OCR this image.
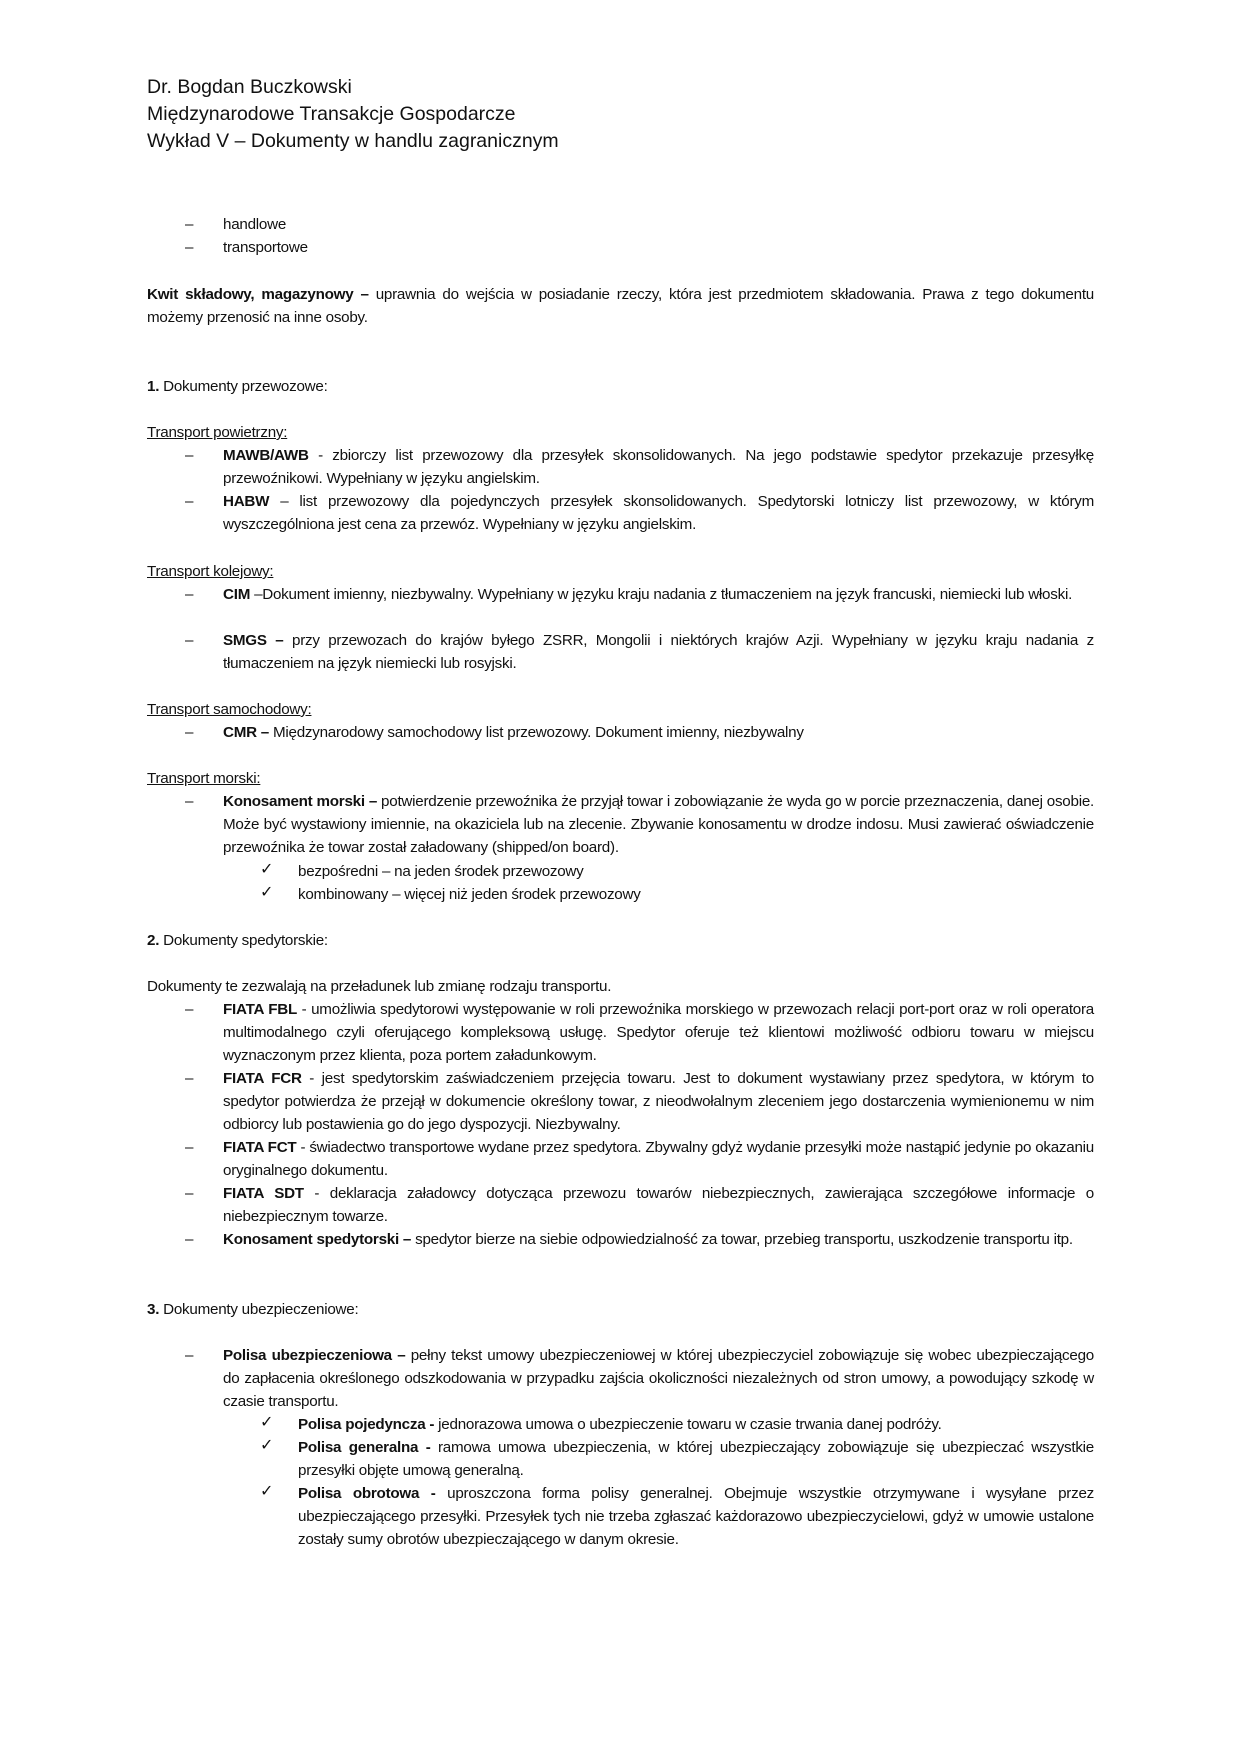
Dr. Bogdan Buczkowski
Międzynarodowe Transakcje Gospodarcze
Wykład V – Dokumenty w handlu zagranicznym
– handlowe
– transportowe
Kwit składowy, magazynowy – uprawnia do wejścia w posiadanie rzeczy, która jest przedmiotem składowania. Prawa z tego dokumentu możemy przenosić na inne osoby.
1. Dokumenty przewozowe:
Transport powietrzny:
– MAWB/AWB - zbiorczy list przewozowy dla przesyłek skonsolidowanych. Na jego podstawie spedytor przekazuje przesyłkę przewoźnikowi. Wypełniany w języku angielskim.
– HABW – list przewozowy dla pojedynczych przesyłek skonsolidowanych. Spedytorski lotniczy list przewozowy, w którym wyszczególniona jest cena za przewóz. Wypełniany w języku angielskim.
Transport kolejowy:
– CIM –Dokument imienny, niezbywalny. Wypełniany w języku kraju nadania z tłumaczeniem na język francuski, niemiecki lub włoski.
– SMGS – przy przewozach do krajów byłego ZSRR, Mongolii i niektórych krajów Azji. Wypełniany w języku kraju nadania z tłumaczeniem na język niemiecki lub rosyjski.
Transport samochodowy:
– CMR – Międzynarodowy samochodowy list przewozowy. Dokument imienny, niezbywalny
Transport morski:
– Konosament morski – potwierdzenie przewoźnika że przyjął towar i zobowiązanie że wyda go w porcie przeznaczenia, danej osobie. Może być wystawiony imiennie, na okaziciela lub na zlecenie. Zbywanie konosamentu w drodze indosu. Musi zawierać oświadczenie przewoźnika że towar został załadowany (shipped/on board).
✓ bezpośredni – na jeden środek przewozowy
✓ kombinowany – więcej niż jeden środek przewozowy
2. Dokumenty spedytorskie:
Dokumenty te zezwalają na przeładunek lub zmianę rodzaju transportu.
– FIATA FBL - umożliwia spedytorowi występowanie w roli przewoźnika morskiego w przewozach relacji port-port oraz w roli operatora multimodalnego czyli oferującego kompleksową usługę. Spedytor oferuje też klientowi możliwość odbioru towaru w miejscu wyznaczonym przez klienta, poza portem załadunkowym.
– FIATA FCR - jest spedytorskim zaświadczeniem przejęcia towaru. Jest to dokument wystawiany przez spedytora, w którym to spedytor potwierdza że przejął w dokumencie określony towar, z nieodwołalnym zleceniem jego dostarczenia wymienionemu w nim odbiorcy lub postawienia go do jego dyspozycji. Niezbywalny.
– FIATA FCT - świadectwo transportowe wydane przez spedytora. Zbywalny gdyż wydanie przesyłki może nastąpić jedynie po okazaniu oryginalnego dokumentu.
– FIATA SDT - deklaracja załadowcy dotycząca przewozu towarów niebezpiecznych, zawierająca szczegółowe informacje o niebezpiecznym towarze.
– Konosament spedytorski – spedytor bierze na siebie odpowiedzialność za towar, przebieg transportu, uszkodzenie transportu itp.
3. Dokumenty ubezpieczeniowe:
– Polisa ubezpieczeniowa – pełny tekst umowy ubezpieczeniowej w której ubezpieczyciel zobowiązuje się wobec ubezpieczającego do zapłacenia określonego odszkodowania w przypadku zajścia okoliczności niezależnych od stron umowy, a powodujący szkodę w czasie transportu.
✓ Polisa pojedyncza - jednorazowa umowa o ubezpieczenie towaru w czasie trwania danej podróży.
✓ Polisa generalna - ramowa umowa ubezpieczenia, w której ubezpieczający zobowiązuje się ubezpieczać wszystkie przesyłki objęte umową generalną.
✓ Polisa obrotowa - uproszczona forma polisy generalnej. Obejmuje wszystkie otrzymywane i wysyłane przez ubezpieczającego przesyłki. Przesyłek tych nie trzeba zgłaszać każdorazowo ubezpieczycielowi, gdyż w umowie ustalone zostały sumy obrotów ubezpieczającego w danym okresie.
